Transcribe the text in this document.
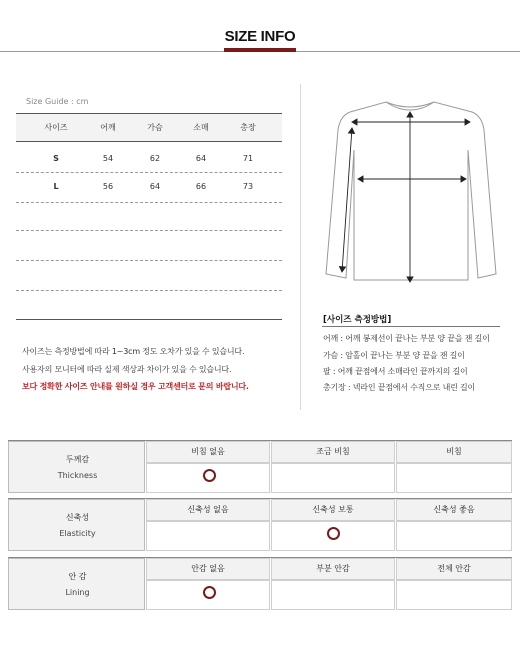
SIZE INFO
Size Guide : cm
사이즈	어깨	가슴	소매	총장
S	54	62	64	71
L	56	64	66	73
사이즈는 측정방법에 따라 1~3cm 정도 오차가 있을 수 있습니다.
사용자의 모니터에 따라 실제 색상과 차이가 있을 수 있습니다.
보다 정확한 사이즈 안내를 원하실 경우 고객센터로 문의 바랍니다.
[사이즈 측정방법]
어깨 : 어깨 봉제선이 끝나는 부분 양 끝을 잰 길이
가슴 : 암홀이 끝나는 부분 양 끝을 잰 길이
팔 : 어깨 끝점에서 소매라인 끝까지의 길이
총기장 : 넥라인 끝점에서 수직으로 내린 길이
두께감
Thickness
비침 없음	조금 비침	비침
신축성
Elasticity
신축성 없음	신축성 보통	신축성 좋음
안 감
Lining
안감 없음	부분 안감	전체 안감
